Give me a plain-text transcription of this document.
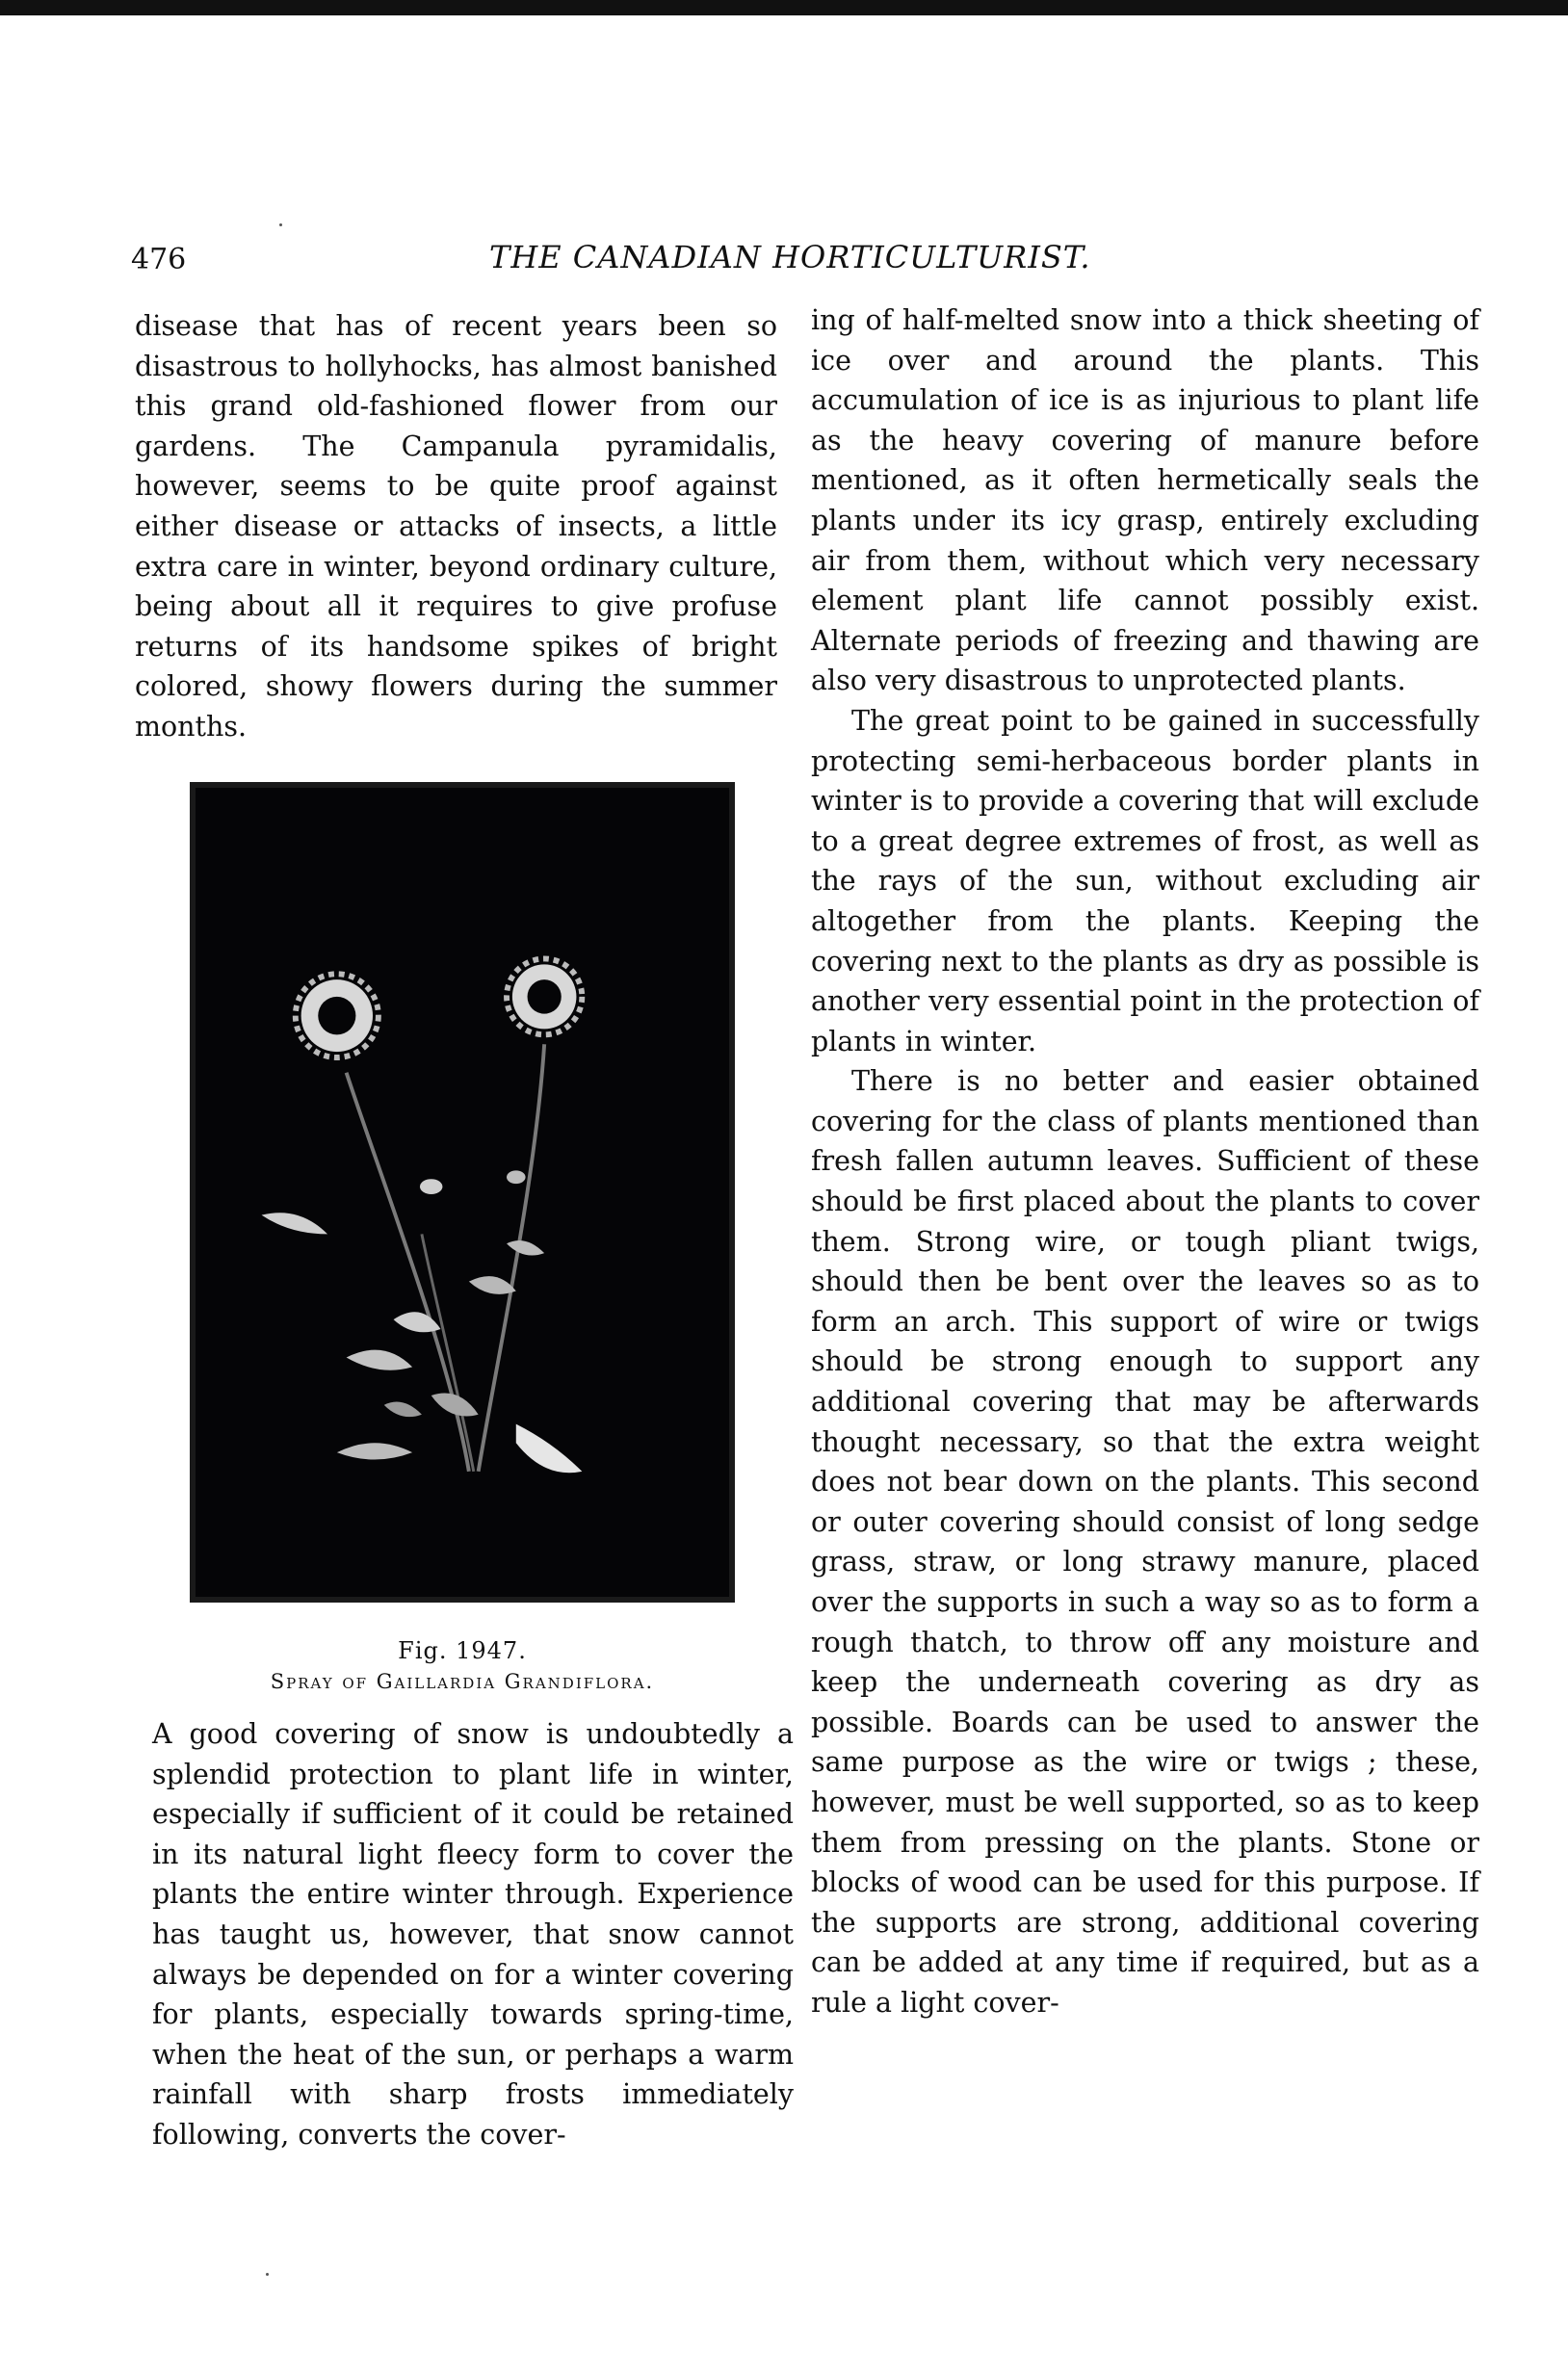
476	THE CANADIAN HORTICULTURIST.

disease that has of recent years been so disastrous to hollyhocks, has almost banished this grand old-fashioned flower from our gardens. The Campanula pyramidalis, however, seems to be quite proof against either disease or attacks of insects, a little extra care in winter, beyond ordinary culture, being about all it requires to give profuse returns of its handsome spikes of bright colored, showy flowers during the summer months.

Fig. 1947.
Spray of Gaillardia Grandiflora.

A good covering of snow is undoubtedly a splendid protection to plant life in winter, especially if sufficient of it could be retained in its natural light fleecy form to cover the plants the entire winter through. Experience has taught us, however, that snow cannot always be depended on for a winter covering for plants, especially towards spring-time, when the heat of the sun, or perhaps a warm rainfall with sharp frosts immediately following, converts the cover-

ing of half-melted snow into a thick sheeting of ice over and around the plants. This accumulation of ice is as injurious to plant life as the heavy covering of manure before mentioned, as it often hermetically seals the plants under its icy grasp, entirely excluding air from them, without which very necessary element plant life cannot possibly exist. Alternate periods of freezing and thawing are also very disastrous to unprotected plants.

The great point to be gained in successfully protecting semi-herbaceous border plants in winter is to provide a covering that will exclude to a great degree extremes of frost, as well as the rays of the sun, without excluding air altogether from the plants. Keeping the covering next to the plants as dry as possible is another very essential point in the protection of plants in winter.

There is no better and easier obtained covering for the class of plants mentioned than fresh fallen autumn leaves. Sufficient of these should be first placed about the plants to cover them. Strong wire, or tough pliant twigs, should then be bent over the leaves so as to form an arch. This support of wire or twigs should be strong enough to support any additional covering that may be afterwards thought necessary, so that the extra weight does not bear down on the plants. This second or outer covering should consist of long sedge grass, straw, or long strawy manure, placed over the supports in such a way so as to form a rough thatch, to throw off any moisture and keep the underneath covering as dry as possible. Boards can be used to answer the same purpose as the wire or twigs ; these, however, must be well supported, so as to keep them from pressing on the plants. Stone or blocks of wood can be used for this purpose. If the supports are strong, additional covering can be added at any time if required, but as a rule a light cover-
